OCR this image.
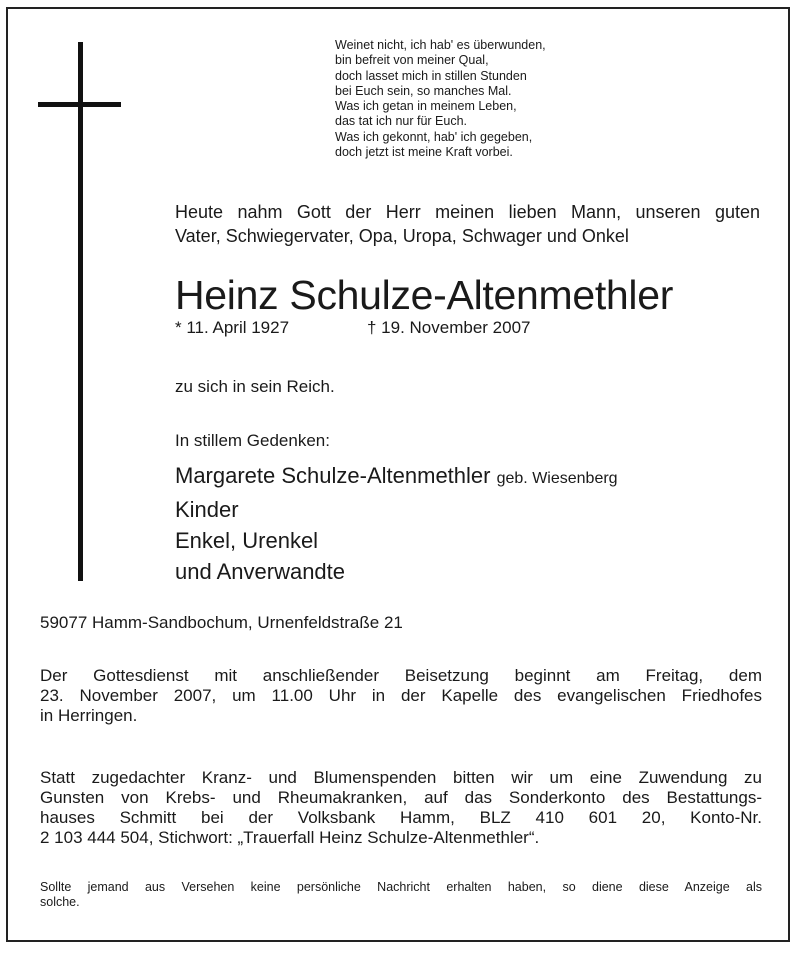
Weinet nicht, ich hab' es überwunden,
bin befreit von meiner Qual,
doch lasset mich in stillen Stunden
bei Euch sein, so manches Mal.
Was ich getan in meinem Leben,
das tat ich nur für Euch.
Was ich gekonnt, hab' ich gegeben,
doch jetzt ist meine Kraft vorbei.
Heute nahm Gott der Herr meinen lieben Mann, unseren guten
Vater, Schwiegervater, Opa, Uropa, Schwager und Onkel
Heinz Schulze-Altenmethler
* 11. April 1927	† 19. November 2007
zu sich in sein Reich.
In stillem Gedenken:
Margarete Schulze-Altenmethler geb. Wiesenberg
Kinder
Enkel, Urenkel
und Anverwandte
59077 Hamm-Sandbochum, Urnenfeldstraße 21
Der Gottesdienst mit anschließender Beisetzung beginnt am Freitag, dem
23. November 2007, um 11.00 Uhr in der Kapelle des evangelischen Friedhofes
in Herringen.
Statt zugedachter Kranz- und Blumenspenden bitten wir um eine Zuwendung zu
Gunsten von Krebs- und Rheumakranken, auf das Sonderkonto des Bestattungs-
hauses Schmitt bei der Volksbank Hamm, BLZ 410 601 20, Konto-Nr.
2 103 444 504, Stichwort: „Trauerfall Heinz Schulze-Altenmethler“.
Sollte jemand aus Versehen keine persönliche Nachricht erhalten haben, so diene diese Anzeige als
solche.
